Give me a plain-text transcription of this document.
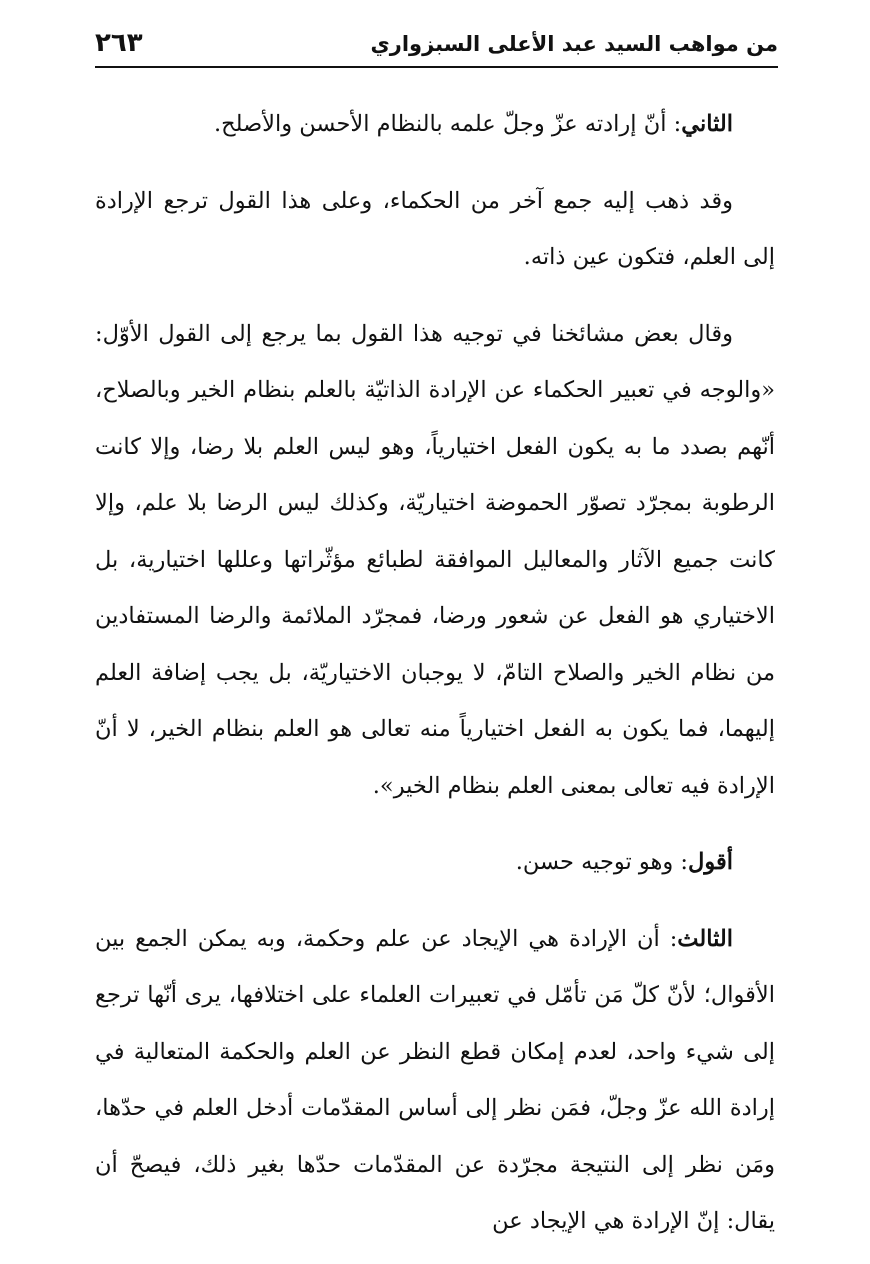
من مواهب السيد عبد الأعلى السبزواري
٢٦٣

الثاني: أنّ إرادته عزّ وجلّ علمه بالنظام الأحسن والأصلح.

وقد ذهب إليه جمع آخر من الحكماء، وعلى هذا القول ترجع الإرادة إلى العلم، فتكون عين ذاته.

وقال بعض مشائخنا في توجيه هذا القول بما يرجع إلى القول الأوّل: «والوجه في تعبير الحكماء عن الإرادة الذاتيّة بالعلم بنظام الخير وبالصلاح، أنّهم بصدد ما به يكون الفعل اختيارياً، وهو ليس العلم بلا رضا، وإلا كانت الرطوبة بمجرّد تصوّر الحموضة اختياريّة، وكذلك ليس الرضا بلا علم، وإلا كانت جميع الآثار والمعاليل الموافقة لطبائع مؤثّراتها وعللها اختيارية، بل الاختياري هو الفعل عن شعور ورضا، فمجرّد الملائمة والرضا المستفادين من نظام الخير والصلاح التامّ، لا يوجبان الاختياريّة، بل يجب إضافة العلم إليهما، فما يكون به الفعل اختيارياً منه تعالى هو العلم بنظام الخير، لا أنّ الإرادة فيه تعالى بمعنى العلم بنظام الخير».

أقول: وهو توجيه حسن.

الثالث: أن الإرادة هي الإيجاد عن علم وحكمة، وبه يمكن الجمع بين الأقوال؛ لأنّ كلّ مَن تأمّل في تعبيرات العلماء على اختلافها، يرى أنّها ترجع إلى شيء واحد، لعدم إمكان قطع النظر عن العلم والحكمة المتعالية في إرادة الله عزّ وجلّ، فمَن نظر إلى أساس المقدّمات أدخل العلم في حدّها، ومَن نظر إلى النتيجة مجرّدة عن المقدّمات حدّها بغير ذلك، فيصحّ أن يقال: إنّ الإرادة هي الإيجاد عن
